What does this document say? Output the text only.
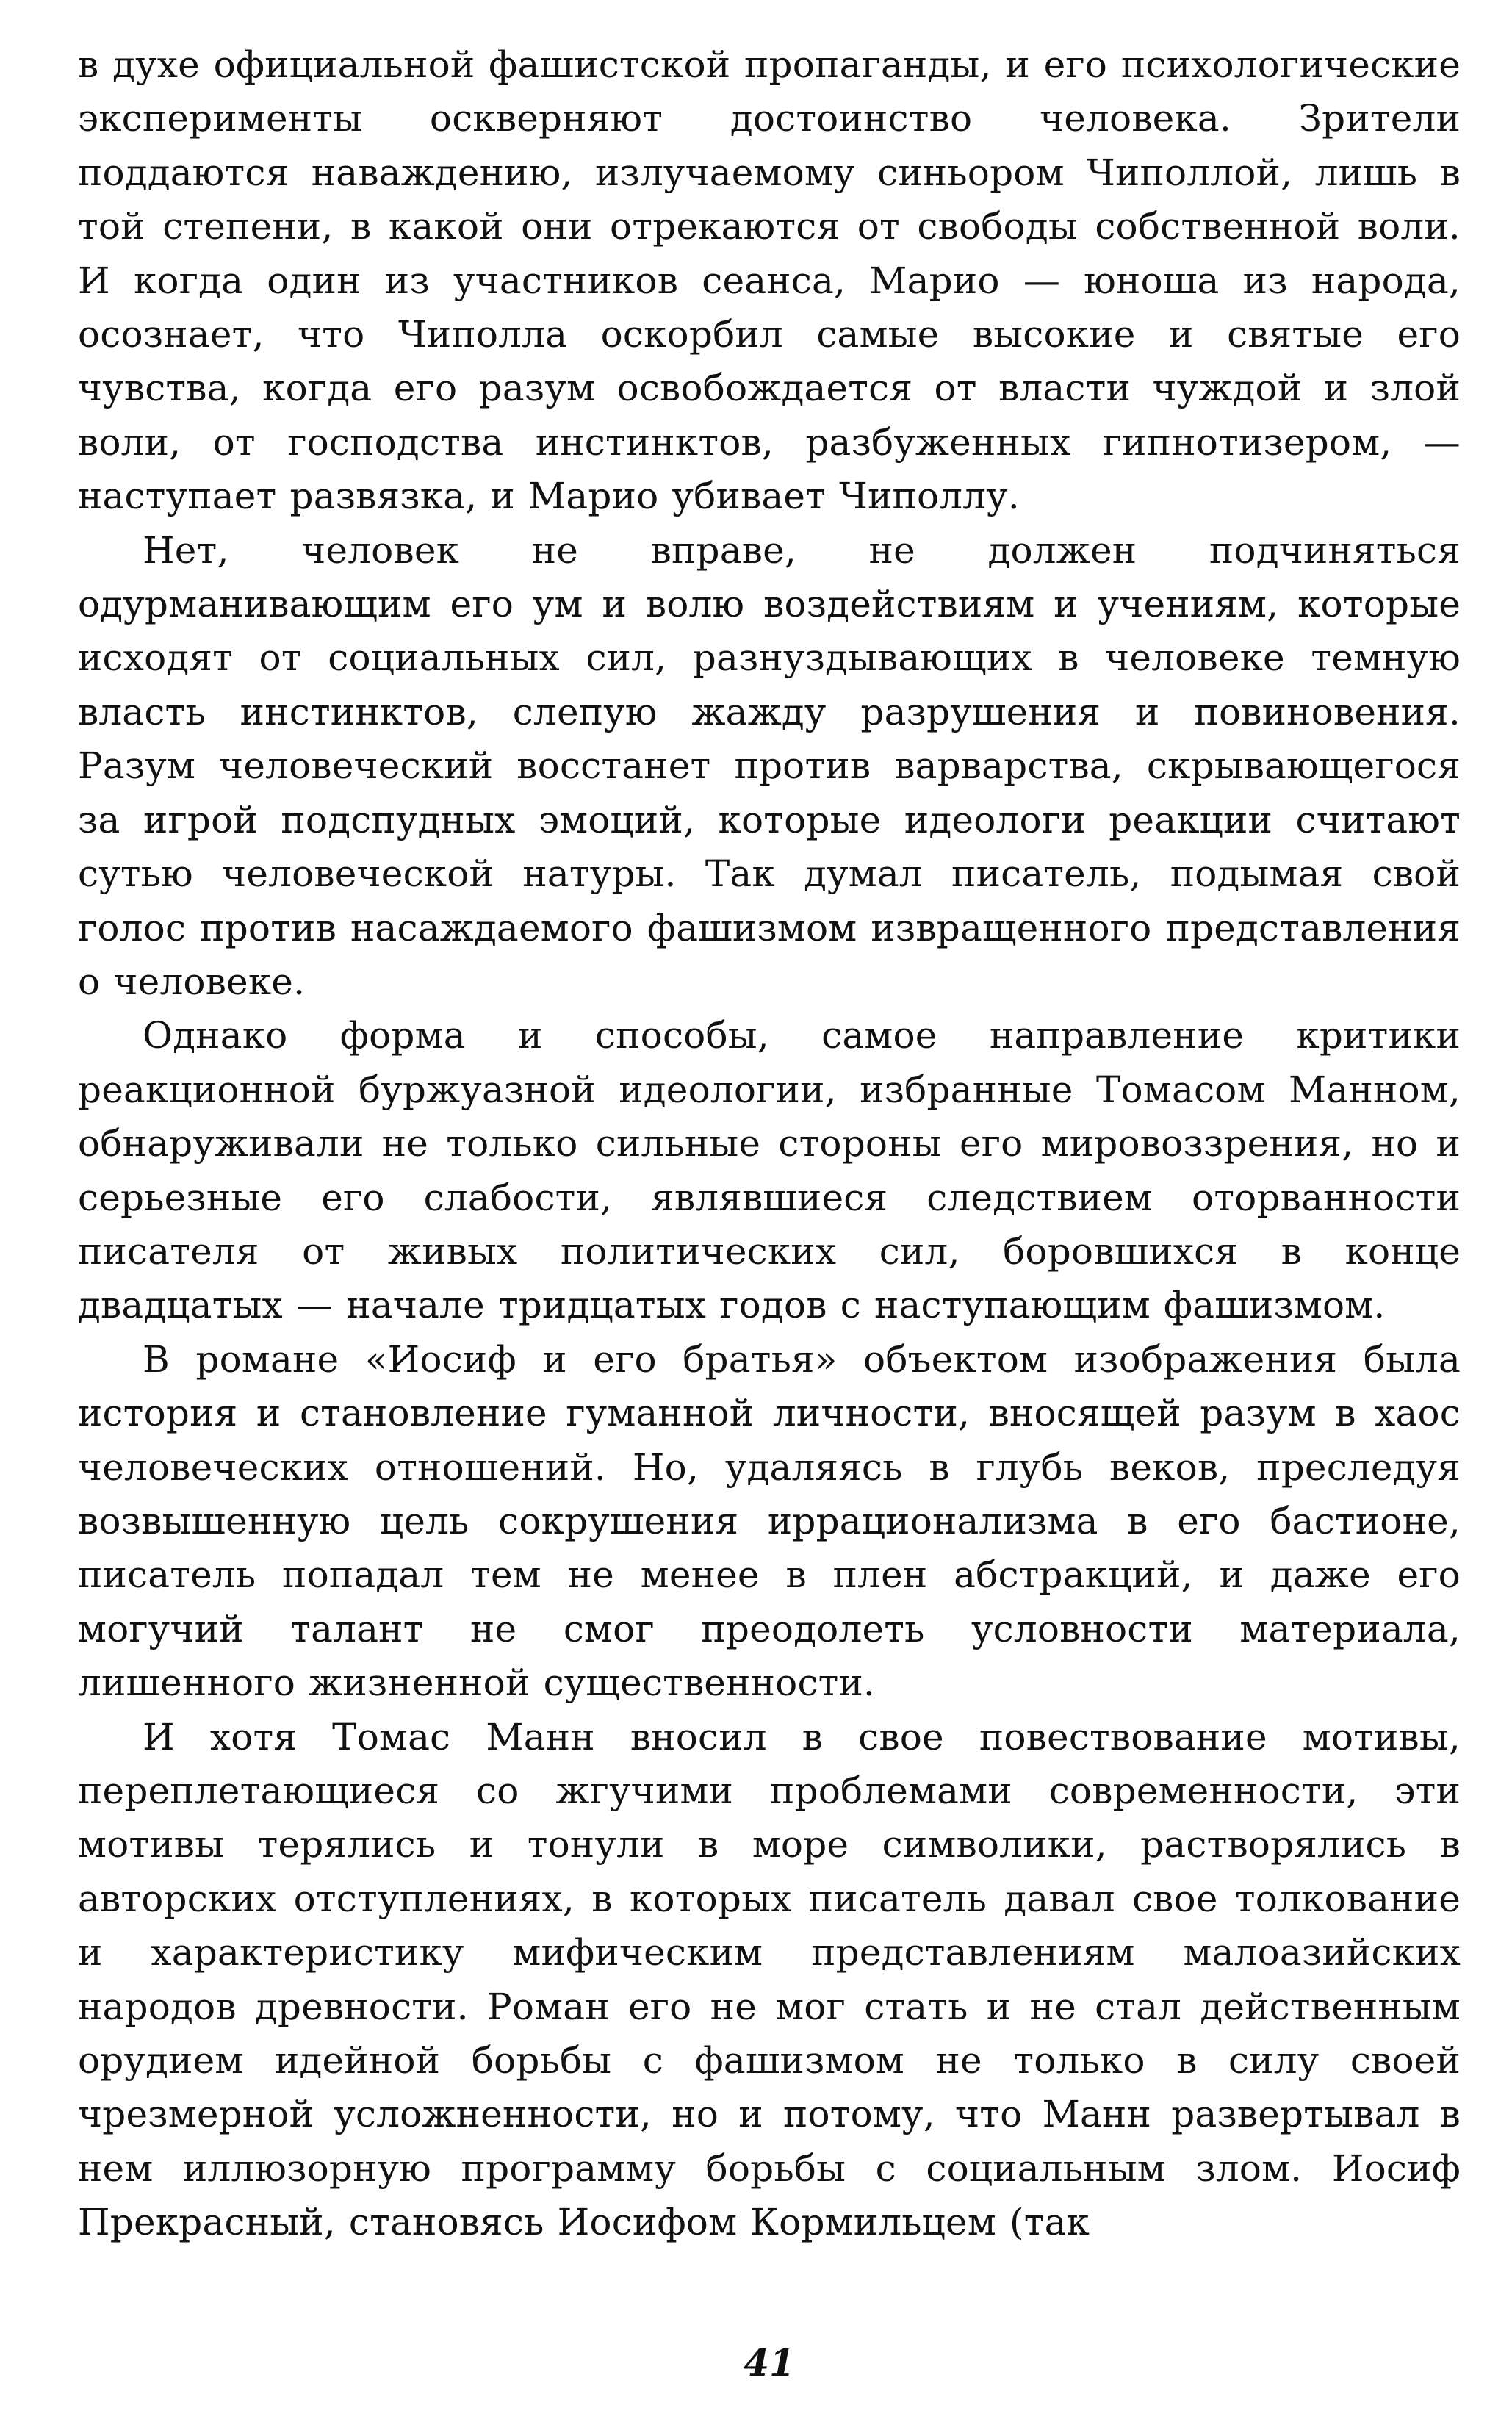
в духе официальной фашистской пропаганды, и его психологические эксперименты оскверняют достоинство человека. Зрители поддаются наваждению, излучаемому синьором Чиполлой, лишь в той степени, в какой они отрекаются от свободы собственной воли. И когда один из участников сеанса, Марио — юноша из народа, осознает, что Чиполла оскорбил самые высокие и святые его чувства, когда его разум освобождается от власти чуждой и злой воли, от господства инстинктов, разбуженных гипнотизером, — наступает развязка, и Марио убивает Чиполлу.

Нет, человек не вправе, не должен подчиняться одурманивающим его ум и волю воздействиям и учениям, которые исходят от социальных сил, разнуздывающих в человеке темную власть инстинктов, слепую жажду разрушения и повиновения. Разум человеческий восстанет против варварства, скрывающегося за игрой подспудных эмоций, которые идеологи реакции считают сутью человеческой натуры. Так думал писатель, подымая свой голос против насаждаемого фашизмом извращенного представления о человеке.

Однако форма и способы, самое направление критики реакционной буржуазной идеологии, избранные Томасом Манном, обнаруживали не только сильные стороны его мировоззрения, но и серьезные его слабости, являвшиеся следствием оторванности писателя от живых политических сил, боровшихся в конце двадцатых — начале тридцатых годов с наступающим фашизмом.

В романе «Иосиф и его братья» объектом изображения была история и становление гуманной личности, вносящей разум в хаос человеческих отношений. Но, удаляясь в глубь веков, преследуя возвышенную цель сокрушения иррационализма в его бастионе, писатель попадал тем не менее в плен абстракций, и даже его могучий талант не смог преодолеть условности материала, лишенного жизненной существенности.

И хотя Томас Манн вносил в свое повествование мотивы, переплетающиеся со жгучими проблемами современности, эти мотивы терялись и тонули в море символики, растворялись в авторских отступлениях, в которых писатель давал свое толкование и характеристику мифическим представлениям малоазийских народов древности. Роман его не мог стать и не стал действенным орудием идейной борьбы с фашизмом не только в силу своей чрезмерной усложненности, но и потому, что Манн развертывал в нем иллюзорную программу борьбы с социальным злом. Иосиф Прекрасный, становясь Иосифом Кормильцем (так

41
